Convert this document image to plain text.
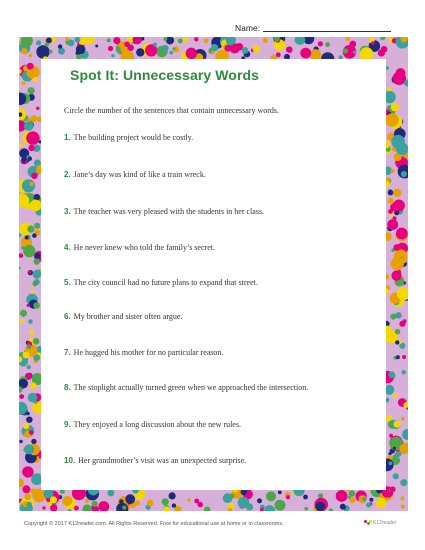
Name:
Spot It: Unnecessary Words
Circle the number of the sentences that contain unnecessary words.
1. The building project would be costly.
2. Jane’s day was kind of like a train wreck.
3. The teacher was very pleased with the students in her class.
4. He never knew who told the family’s secret.
5. The city council had no future plans to expand that street.
6. My brother and sister often argue.
7. He hugged his mother for no particular reason.
8. The stoplight actually turned green when we approached the intersection.
9. They enjoyed a long discussion about the new rules.
10. Her grandmother’s visit was an unexpected surprise.
Copyright © 2017 K12reader.com. All Rights Reserved. Free for educational use at home or in classrooms.	K12reader
